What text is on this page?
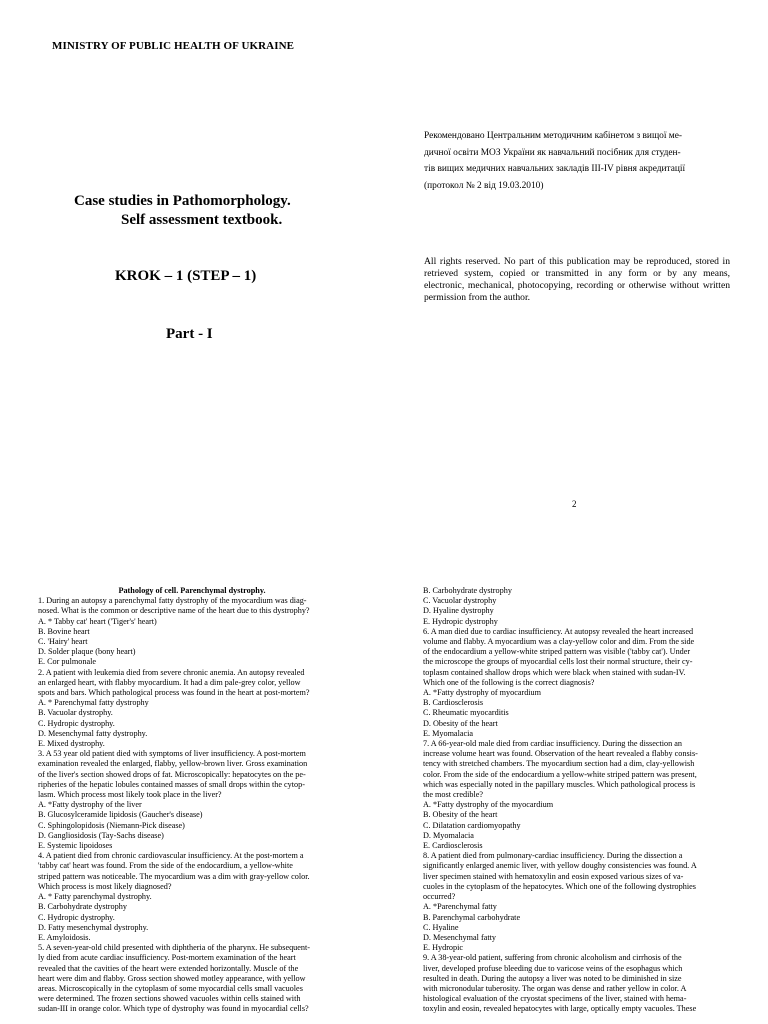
MINISTRY OF PUBLIC HEALTH OF UKRAINE
Case studies in Pathomorphology.
Self assessment textbook.
KROK – 1 (STEP – 1)
Part - I
Рекомендовано Центральним методичним кабінетом з вищої ме-
дичної освіти МОЗ України як навчальний посібник для студен-
тів вищих медичних навчальних закладів ІІІ-IV рівня акредитації
(протокол № 2 від 19.03.2010)
All rights reserved. No part of this publication may be reproduced, stored in retrieved system, copied or transmitted in any form or by any means, electronic, mechanical, photocopying, recording or otherwise without written permission from the author.
2
Pathology of cell. Parenchymal dystrophy.
1. During an autopsy a parenchymal fatty dystrophy of the myocardium was diag-
nosed. What is the common or descriptive name of the heart due to this dystrophy?
A. * Tabby cat' heart ('Tiger's' heart)
B. Bovine heart
C. 'Hairy' heart
D. Solder plaque (bony heart)
E. Cor pulmonale
2. A patient with leukemia died from severe chronic anemia. An autopsy revealed
an enlarged heart, with flabby myocardium. It had a dim pale-grey color, yellow
spots and bars. Which pathological process was found in the heart at post-mortem?
A. * Parenchymal fatty dystrophy
B. Vacuolar dystrophy.
C. Hydropic dystrophy.
D. Mesenchymal fatty dystrophy.
E. Mixed dystrophy.
3. A 53 year old patient died with symptoms of liver insufficiency. A post-mortem
examination revealed the enlarged, flabby, yellow-brown liver. Gross examination
of the liver's section showed drops of fat. Microscopically: hepatocytes on the pe-
ripheries of the hepatic lobules contained masses of small drops within the cytop-
lasm. Which process most likely took place in the liver?
A. *Fatty dystrophy of the liver
B. Glucosylceramide lipidosis (Gaucher's disease)
C. Sphingolopidosis (Niemann-Pick disease)
D. Gangliosidosis (Tay-Sachs disease)
E. Systemic lipoidoses
4. A patient died from chronic cardiovascular insufficiency. At the post-mortem a
'tabby cat' heart was found. From the side of the endocardium, a yellow-white
striped pattern was noticeable. The myocardium was a dim with gray-yellow color.
Which process is most likely diagnosed?
A. * Fatty parenchymal dystrophy.
B. Carbohydrate dystrophy
C. Hydropic dystrophy.
D. Fatty mesenchymal dystrophy.
E. Amyloidosis.
5. A seven-year-old child presented with diphtheria of the pharynx. He subsequent-
ly died from acute cardiac insufficiency. Post-mortem examination of the heart
revealed that the cavities of the heart were extended horizontally. Muscle of the
heart were dim and flabby. Gross section showed motley appearance, with yellow
areas. Microscopically in the cytoplasm of some myocardial cells small vacuoles
were determined. The frozen sections showed vacuoles within cells stained with
sudan-III in orange color. Which type of dystrophy was found in myocardial cells?
B. Carbohydrate dystrophy
C. Vacuolar dystrophy
D. Hyaline dystrophy
E. Hydropic dystrophy
6. A man died due to cardiac insufficiency. At autopsy revealed the heart increased
volume and flabby. A myocardium was a clay-yellow color and dim. From the side
of the endocardium a yellow-white striped pattern was visible ('tabby cat'). Under
the microscope the groups of myocardial cells lost their normal structure, their cy-
toplasm contained shallow drops which were black when stained with sudan-IV.
Which one of the following is the correct diagnosis?
A. *Fatty dystrophy of myocardium
B. Cardiosclerosis
C. Rheumatic myocarditis
D. Obesity of the heart
E. Myomalacia
7. A 66-year-old male died from cardiac insufficiency. During the dissection an
increase volume heart was found. Observation of the heart revealed a flabby consis-
tency with stretched chambers. The myocardium section had a dim, clay-yellowish
color. From the side of the endocardium a yellow-white striped pattern was present,
which was especially noted in the papillary muscles. Which pathological process is
the most credible?
A. *Fatty dystrophy of the myocardium
B. Obesity of the heart
C. Dilatation cardiomyopathy
D. Myomalacia
E. Cardiosclerosis
8. A patient died from pulmonary-cardiac insufficiency. During the dissection a
significantly enlarged anemic liver, with yellow doughy consistencies was found. A
liver specimen stained with hematoxylin and eosin exposed various sizes of va-
cuoles in the cytoplasm of the hepatocytes. Which one of the following dystrophies
occurred?
A. *Parenchymal fatty
B. Parenchymal carbohydrate
C. Hyaline
D. Mesenchymal fatty
E. Hydropic
9. A 38-year-old patient, suffering from chronic alcoholism and cirrhosis of the
liver, developed profuse bleeding due to varicose veins of the esophagus which
resulted in death. During the autopsy a liver was noted to be diminished in size
with micronodular tuberosity. The organ was dense and rather yellow in color. A
histological evaluation of the cryostat specimens of the liver, stained with hema-
toxylin and eosin, revealed hepatocytes with large, optically empty vacuoles. These
